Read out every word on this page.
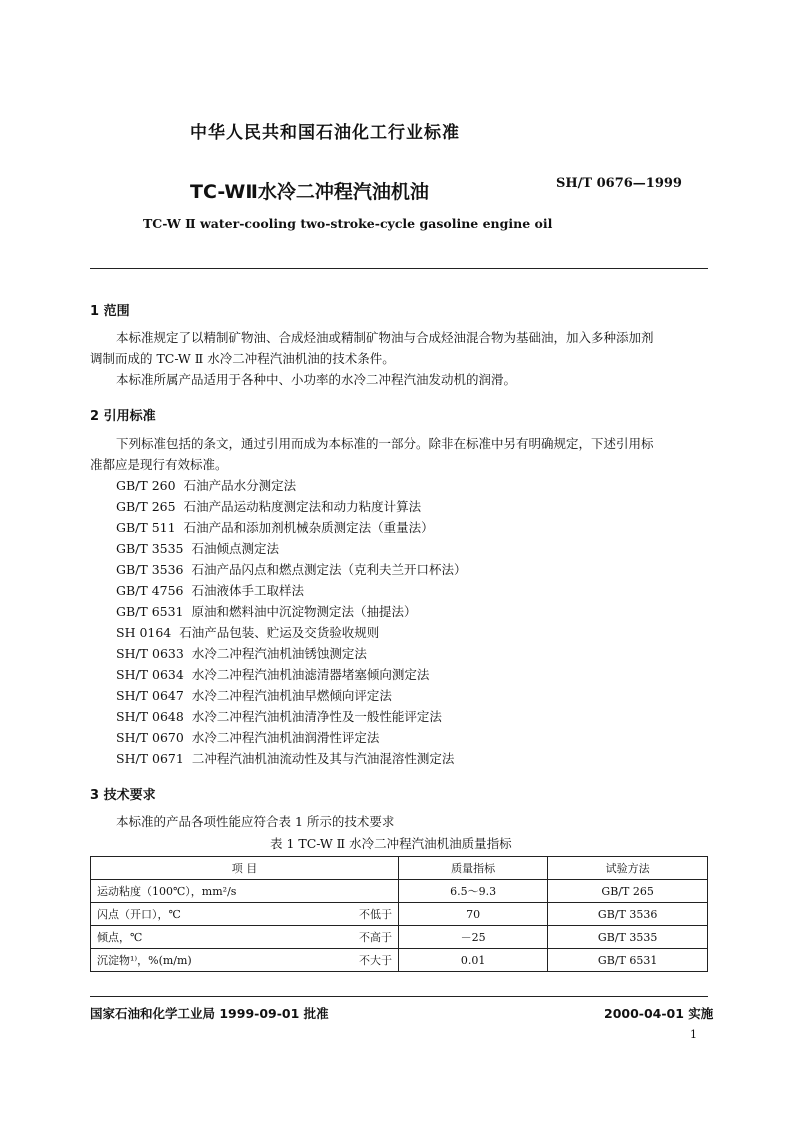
中华人民共和国石油化工行业标准
TC-WⅡ水冷二冲程汽油机油	SH/T 0676—1999
TC-W Ⅱ water-cooling two-stroke-cycle gasoline engine oil
1 范围
本标准规定了以精制矿物油、合成烃油或精制矿物油与合成烃油混合物为基础油，加入多种添加剂
调制而成的 TC-W Ⅱ 水冷二冲程汽油机油的技术条件。
本标准所属产品适用于各种中、小功率的水冷二冲程汽油发动机的润滑。
2 引用标准
下列标准包括的条文，通过引用而成为本标准的一部分。除非在标准中另有明确规定，下述引用标
准都应是现行有效标准。
GB/T 260 石油产品水分测定法
GB/T 265 石油产品运动粘度测定法和动力粘度计算法
GB/T 511 石油产品和添加剂机械杂质测定法（重量法）
GB/T 3535 石油倾点测定法
GB/T 3536 石油产品闪点和燃点测定法（克利夫兰开口杯法）
GB/T 4756 石油液体手工取样法
GB/T 6531 原油和燃料油中沉淀物测定法（抽提法）
SH 0164 石油产品包装、贮运及交货验收规则
SH/T 0633 水冷二冲程汽油机油锈蚀测定法
SH/T 0634 水冷二冲程汽油机油滤清器堵塞倾向测定法
SH/T 0647 水冷二冲程汽油机油早燃倾向评定法
SH/T 0648 水冷二冲程汽油机油清净性及一般性能评定法
SH/T 0670 水冷二冲程汽油机油润滑性评定法
SH/T 0671 二冲程汽油机油流动性及其与汽油混溶性测定法
3 技术要求
本标准的产品各项性能应符合表 1 所示的技术要求
表 1 TC-W Ⅱ 水冷二冲程汽油机油质量指标
项 目		质量指标	试验方法
运动粘度（100℃），mm²/s		6.5～9.3	GB/T 265
闪点（开口），℃	不低于	70	GB/T 3536
倾点，℃	不高于	－25	GB/T 3535
沉淀物¹⁾，%(m/m)	不大于	0.01	GB/T 6531
国家石油和化学工业局 1999-09-01 批准	2000-04-01 实施
1
